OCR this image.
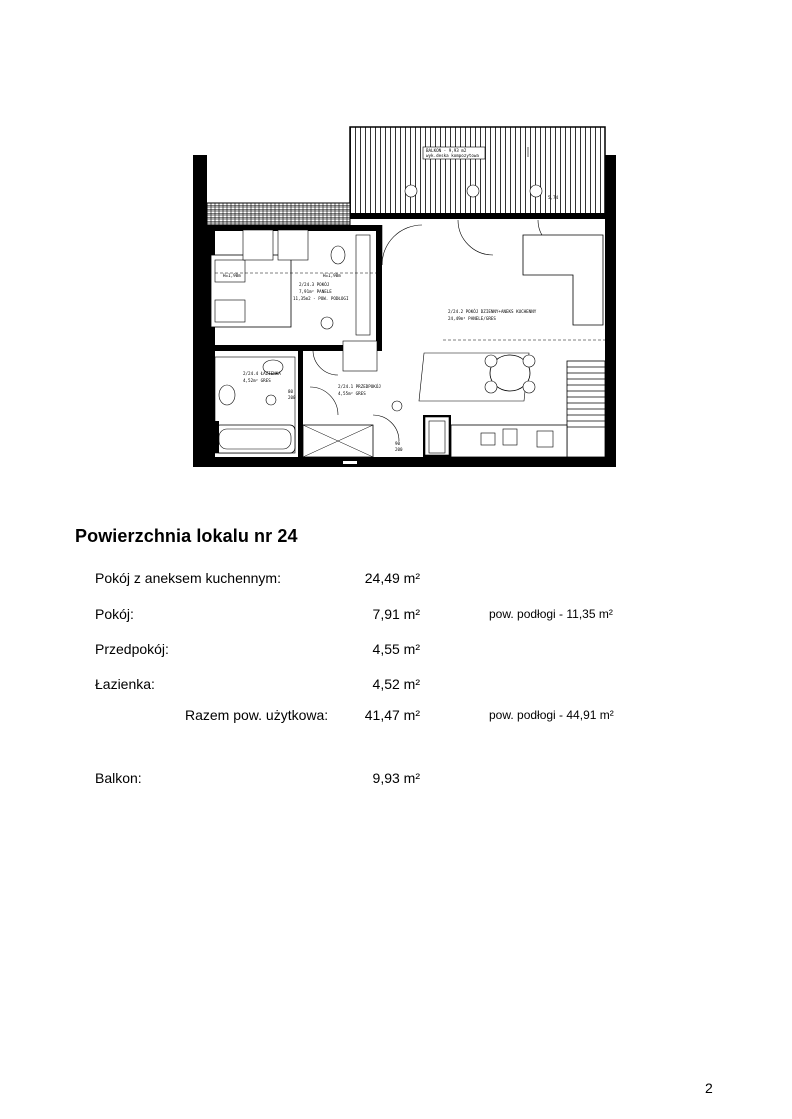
BALKON - 9,93 m2
wyk.deska kompozytowa
5,74
2/24.3 POKÓJ
7,91m² PANELE
11,35m2 - POW. PODŁOGI
H=1,90m	H=1,90m
2/24.2 POKÓJ DZIENNY+ANEKS KUCHENNY
24,49m² PANELE/GRES
2/24.4 ŁAZIENKA
4,52m² GRES
80
200
2/24.1 PRZEDPOKÓJ
4,55m² GRES
90
200
Powierzchnia lokalu nr 24
Pokój z aneksem kuchennym:	24,49 m²
Pokój:	7,91 m²	pow. podłogi - 11,35 m²
Przedpokój:	4,55 m²
Łazienka:	4,52 m²
Razem pow. użytkowa:	41,47 m²	pow. podłogi - 44,91 m²
Balkon:	9,93 m²
2
